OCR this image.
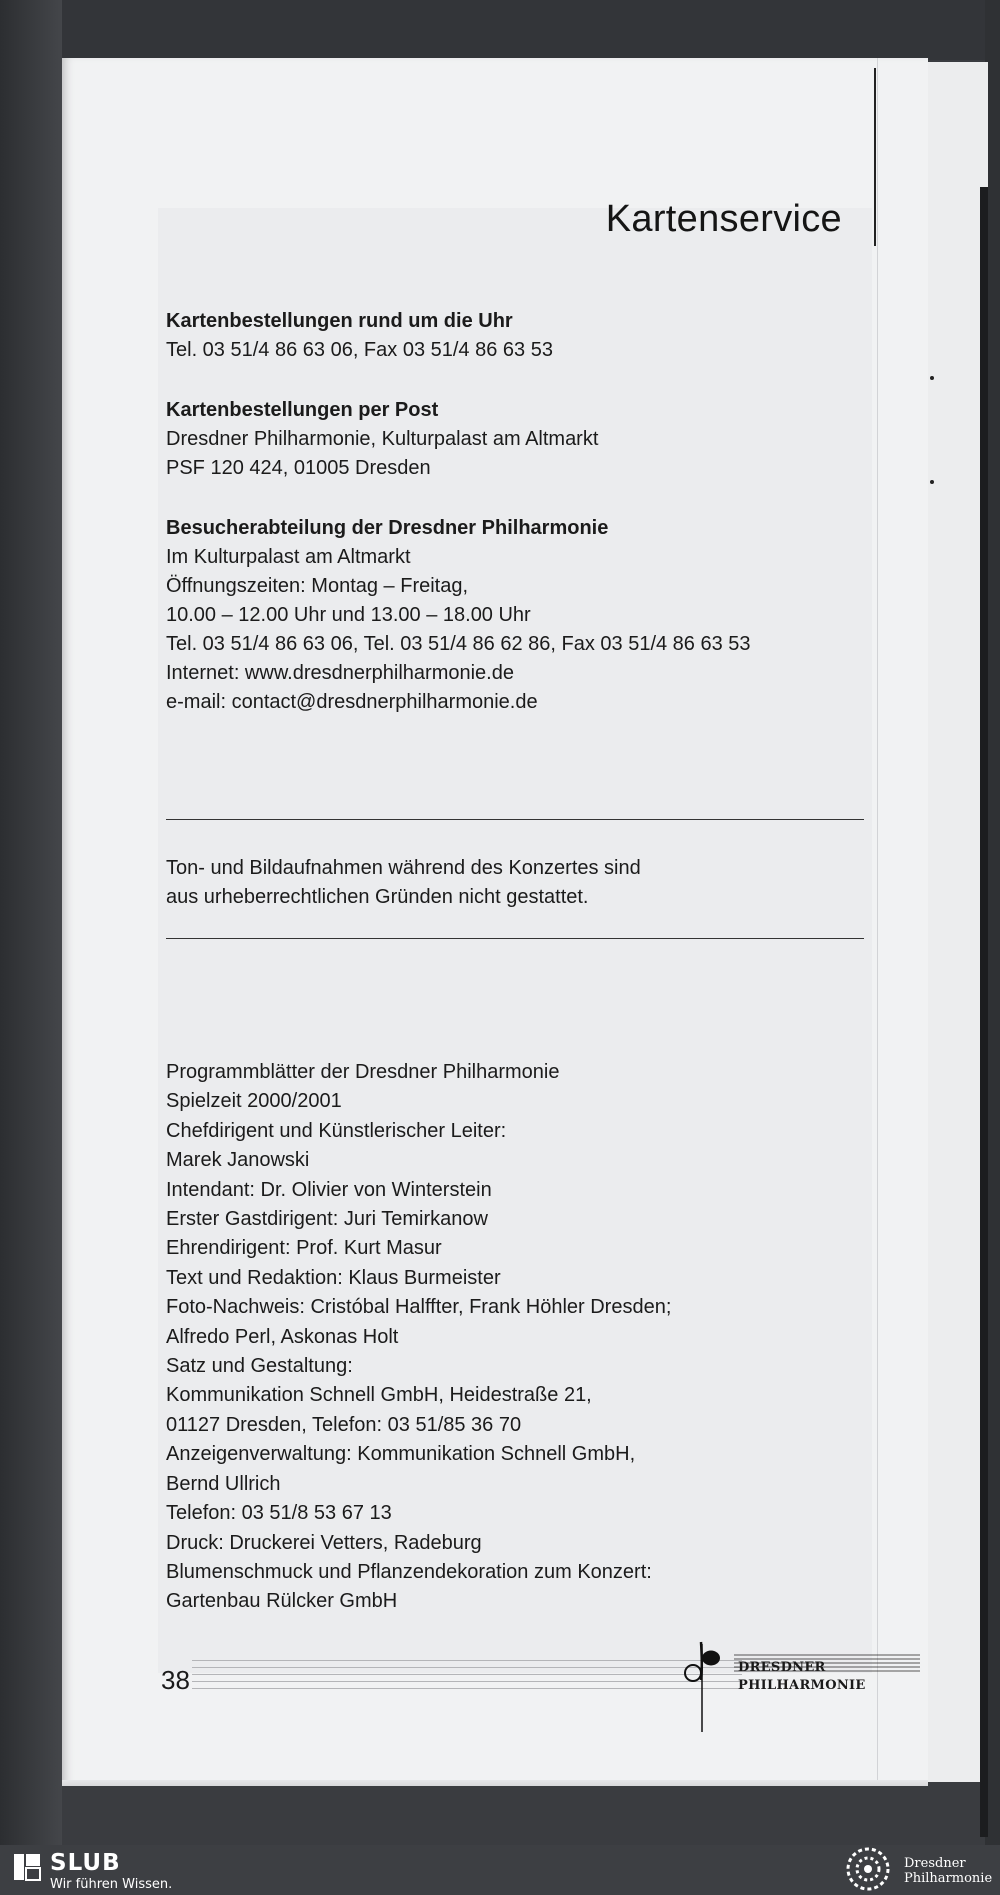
Kartenservice
Kartenbestellungen rund um die Uhr
Tel. 03 51/4 86 63 06, Fax 03 51/4 86 63 53
Kartenbestellungen per Post
Dresdner Philharmonie, Kulturpalast am Altmarkt
PSF 120 424, 01005 Dresden
Besucherabteilung der Dresdner Philharmonie
Im Kulturpalast am Altmarkt
Öffnungszeiten: Montag – Freitag,
10.00 – 12.00 Uhr und 13.00 – 18.00 Uhr
Tel. 03 51/4 86 63 06, Tel. 03 51/4 86 62 86, Fax 03 51/4 86 63 53
Internet: www.dresdnerphilharmonie.de
e-mail: contact@dresdnerphilharmonie.de
Ton- und Bildaufnahmen während des Konzertes sind
aus urheberrechtlichen Gründen nicht gestattet.
Programmblätter der Dresdner Philharmonie
Spielzeit 2000/2001
Chefdirigent und Künstlerischer Leiter:
Marek Janowski
Intendant: Dr. Olivier von Winterstein
Erster Gastdirigent: Juri Temirkanow
Ehrendirigent: Prof. Kurt Masur
Text und Redaktion: Klaus Burmeister
Foto-Nachweis: Cristóbal Halffter, Frank Höhler Dresden;
Alfredo Perl, Askonas Holt
Satz und Gestaltung:
Kommunikation Schnell GmbH, Heidestraße 21,
01127 Dresden, Telefon: 03 51/85 36 70
Anzeigenverwaltung: Kommunikation Schnell GmbH,
Bernd Ullrich
Telefon: 03 51/8 53 67 13
Druck: Druckerei Vetters, Radeburg
Blumenschmuck und Pflanzendekoration zum Konzert:
Gartenbau Rülcker GmbH
38	DRESDNER
PHILHARMONIE
SLUB
Wir führen Wissen.
Dresdner
Philharmonie
